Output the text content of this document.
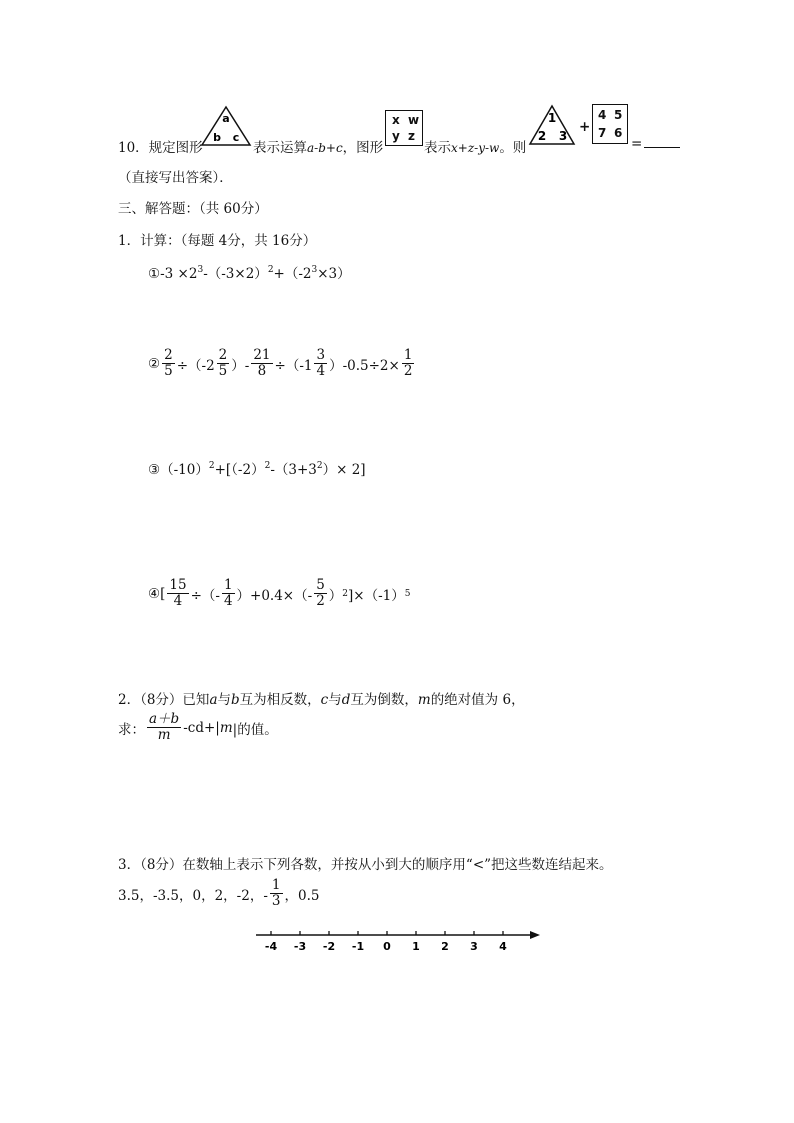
10．规定图形
a
b c
表示运算a-b+c，图形
x w
y z
表示x+z-y-w。则
1
2 3
+
4 5
7 6
=
（直接写出答案）．
三、解答题：（共 60分）
1．计算：（每题 4分，共 16分）
①-3 $\times 2^3-(-3\times 2)^2+(-2^3\times 3)$
② $\frac{2}{5} \div(-2 \frac{2}{5}$ ）- $\frac{21}{8} \div(-1 \frac{3}{4} )-0.5\div 2\times \frac{1}{2}$
$③(-10)^2+[(-2)^2-(3+3^2)\times 2]$
④[ $\frac{15}{4}$ ÷（- $\frac{1}{4} )+0.4\times(- \frac{5}{2}$ ） 2 ]×（-1） 5
2．（8分）已知a与b互为相反数，c与d互为倒数，m的绝对值为 6，
求： $\frac{a+b}{m} -cd+|$ m |的值。
3．（8分）在数轴上表示下列各数，并按从小到大的顺序用“<”把这些数连结起来。
3.5，-3.5，0，2，-2，- $\frac{1}{3}$ ，0.5
-4 -3 -2 -1 0 1 2 3 4
